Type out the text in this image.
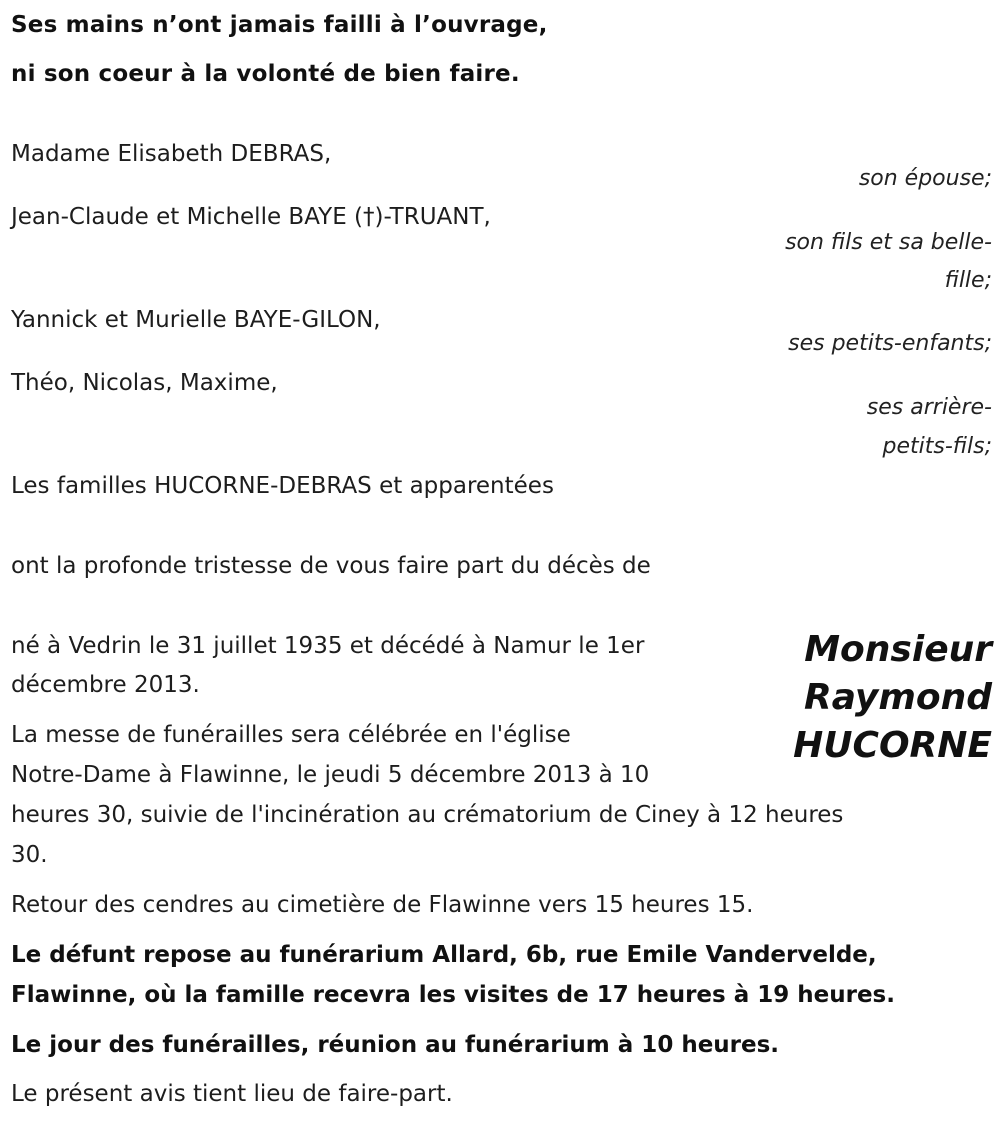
Ses mains n’ont jamais failli à l’ouvrage,
ni son coeur à la volonté de bien faire.
Madame Elisabeth DEBRAS,
son épouse;
Jean-Claude et Michelle BAYE (†)-TRUANT,
son fils et sa belle-
fille;
Yannick et Murielle BAYE-GILON,
ses petits-enfants;
Théo, Nicolas, Maxime,
ses arrière-
petits-fils;
Les familles HUCORNE-DEBRAS et apparentées
ont la profonde tristesse de vous faire part du décès de
Monsieur
Raymond
HUCORNE
né à Vedrin le 31 juillet 1935 et décédé à Namur le 1er
décembre 2013.
La messe de funérailles sera célébrée en l'église
Notre-Dame à Flawinne, le jeudi 5 décembre 2013 à 10
heures 30, suivie de l'incinération au crématorium de Ciney à 12 heures
30.
Retour des cendres au cimetière de Flawinne vers 15 heures 15.
Le défunt repose au funérarium Allard, 6b, rue Emile Vandervelde,
Flawinne, où la famille recevra les visites de 17 heures à 19 heures.
Le jour des funérailles, réunion au funérarium à 10 heures.
Le présent avis tient lieu de faire-part.
